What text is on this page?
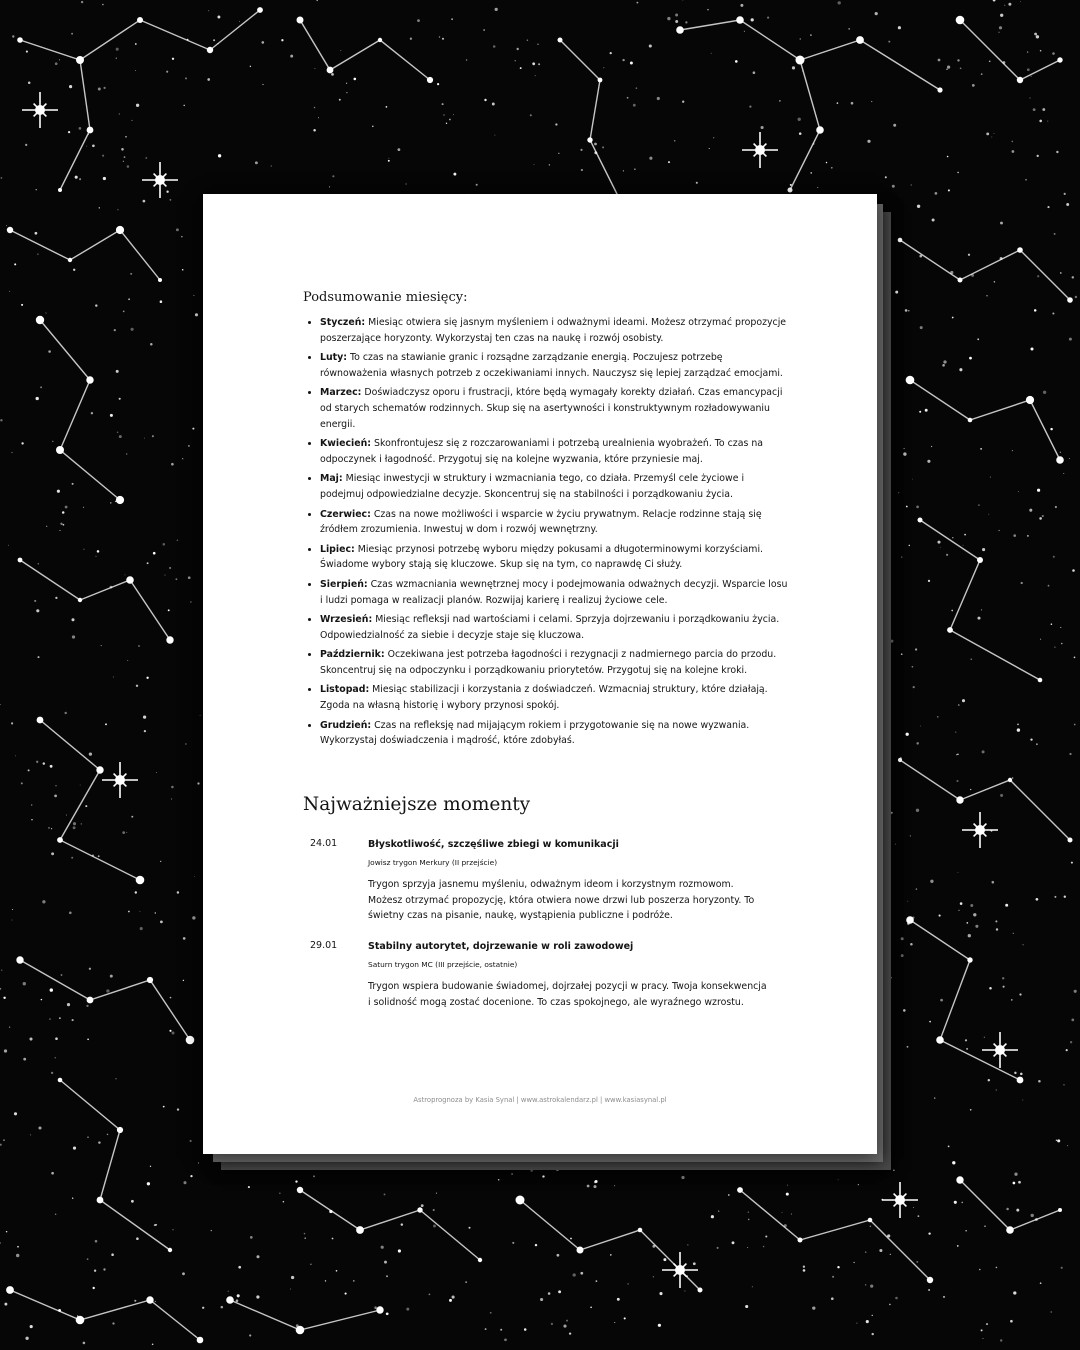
Podsumowanie miesięcy:
• Styczeń: Miesiąc otwiera się jasnym myśleniem i odważnymi ideami. Możesz otrzymać propozycje poszerzające horyzonty. Wykorzystaj ten czas na naukę i rozwój osobisty.
• Luty: To czas na stawianie granic i rozsądne zarządzanie energią. Poczujesz potrzebę równoważenia własnych potrzeb z oczekiwaniami innych. Nauczysz się lepiej zarządzać emocjami.
• Marzec: Doświadczysz oporu i frustracji, które będą wymagały korekty działań. Czas emancypacji od starych schematów rodzinnych. Skup się na asertywności i konstruktywnym rozładowywaniu energii.
• Kwiecień: Skonfrontujesz się z rozczarowaniami i potrzebą urealnienia wyobrażeń. To czas na odpoczynek i łagodność. Przygotuj się na kolejne wyzwania, które przyniesie maj.
• Maj: Miesiąc inwestycji w struktury i wzmacniania tego, co działa. Przemyśl cele życiowe i podejmuj odpowiedzialne decyzje. Skoncentruj się na stabilności i porządkowaniu życia.
• Czerwiec: Czas na nowe możliwości i wsparcie w życiu prywatnym. Relacje rodzinne stają się źródłem zrozumienia. Inwestuj w dom i rozwój wewnętrzny.
• Lipiec: Miesiąc przynosi potrzebę wyboru między pokusami a długoterminowymi korzyściami. Świadome wybory stają się kluczowe. Skup się na tym, co naprawdę Ci służy.
• Sierpień: Czas wzmacniania wewnętrznej mocy i podejmowania odważnych decyzji. Wsparcie losu i ludzi pomaga w realizacji planów. Rozwijaj karierę i realizuj życiowe cele.
• Wrzesień: Miesiąc refleksji nad wartościami i celami. Sprzyja dojrzewaniu i porządkowaniu życia. Odpowiedzialność za siebie i decyzje staje się kluczowa.
• Październik: Oczekiwana jest potrzeba łagodności i rezygnacji z nadmiernego parcia do przodu. Skoncentruj się na odpoczynku i porządkowaniu priorytetów. Przygotuj się na kolejne kroki.
• Listopad: Miesiąc stabilizacji i korzystania z doświadczeń. Wzmacniaj struktury, które działają. Zgoda na własną historię i wybory przynosi spokój.
• Grudzień: Czas na refleksję nad mijającym rokiem i przygotowanie się na nowe wyzwania. Wykorzystaj doświadczenia i mądrość, które zdobyłaś.
Najważniejsze momenty
24.01	Błyskotliwość, szczęśliwe zbiegi w komunikacji
Jowisz trygon Merkury (II przejście)
Trygon sprzyja jasnemu myśleniu, odważnym ideom i korzystnym rozmowom. Możesz otrzymać propozycję, która otwiera nowe drzwi lub poszerza horyzonty. To świetny czas na pisanie, naukę, wystąpienia publiczne i podróże.
29.01	Stabilny autorytet, dojrzewanie w roli zawodowej
Saturn trygon MC (III przejście, ostatnie)
Trygon wspiera budowanie świadomej, dojrzałej pozycji w pracy. Twoja konsekwencja i solidność mogą zostać docenione. To czas spokojnego, ale wyraźnego wzrostu.
Astroprognoza by Kasia Synal | www.astrokalendarz.pl | www.kasiasynal.pl
